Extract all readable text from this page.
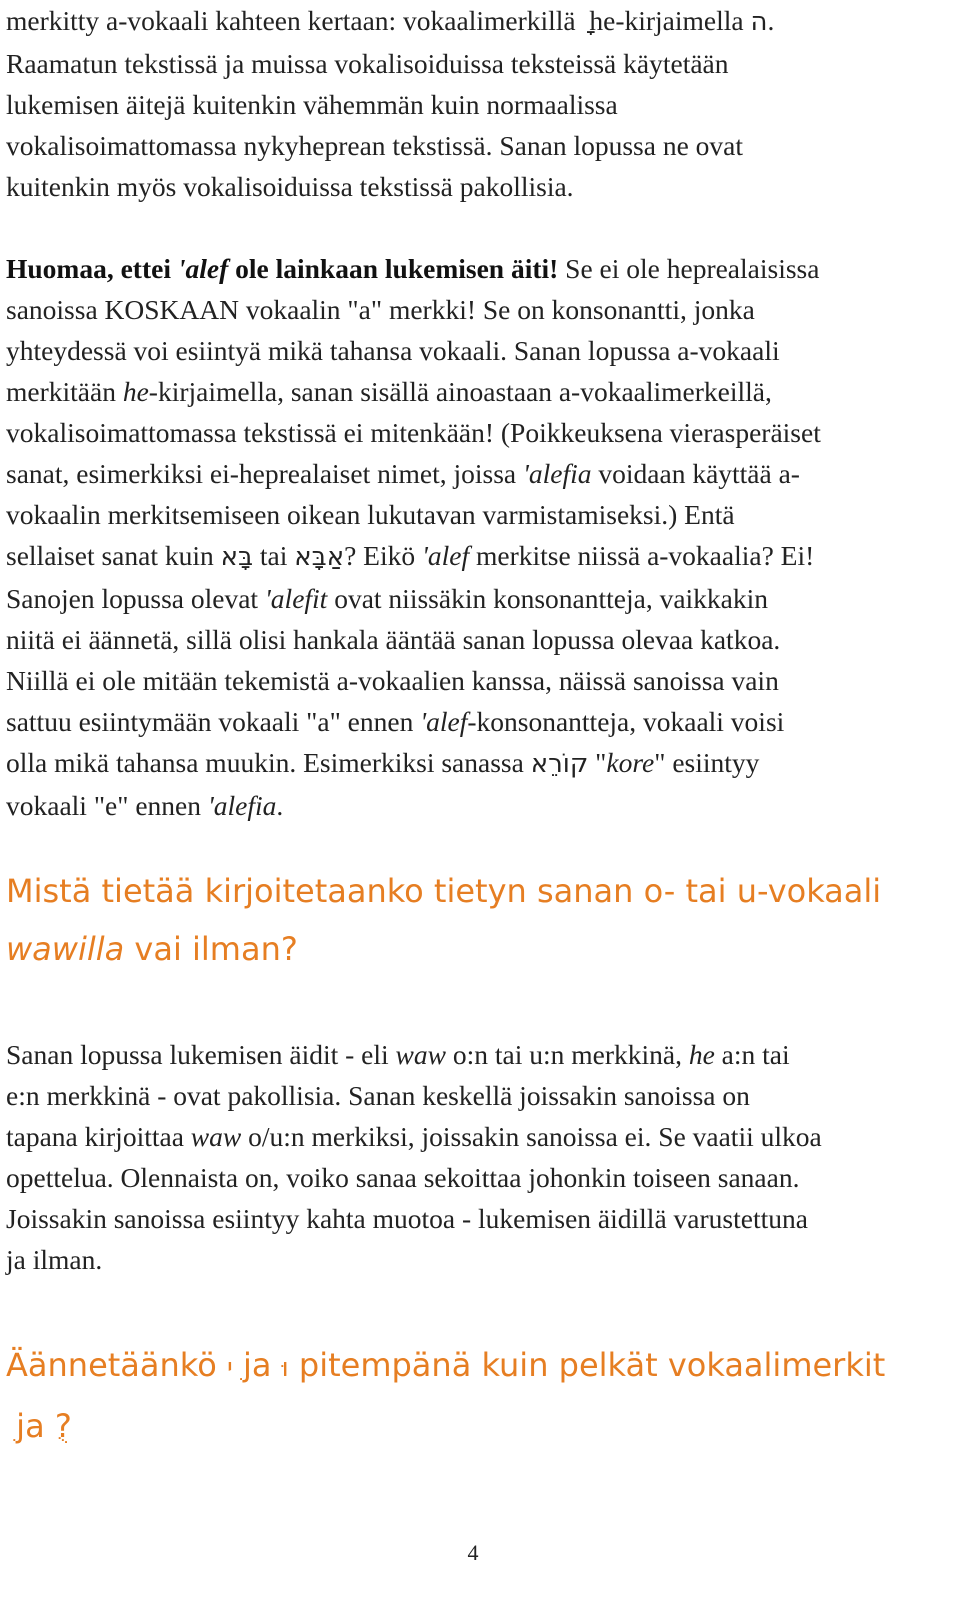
merkitty a-vokaali kahteen kertaan: vokaalimerkillä he-kirjaimella ה.
Raamatun tekstissä ja muissa vokalisoiduissa teksteissä käytetään
lukemisen äitejä kuitenkin vähemmän kuin normaalissa
vokalisoimattomassa nykyheprean tekstissä. Sanan lopussa ne ovat
kuitenkin myös vokalisoiduissa tekstissä pakollisia.
Huomaa, ettei 'alef ole lainkaan lukemisen äiti! Se ei ole heprealaisissa
sanoissa KOSKAAN vokaalin "a" merkki! Se on konsonantti, jonka
yhteydessä voi esiintyä mikä tahansa vokaali. Sanan lopussa a-vokaali
merkitään he-kirjaimella, sanan sisällä ainoastaan a-vokaalimerkeillä,
vokalisoimattomassa tekstissä ei mitenkään! (Poikkeuksena vierasperäiset
sanat, esimerkiksi ei-heprealaiset nimet, joissa 'alefia voidaan käyttää a-
vokaalin merkitsemiseen oikean lukutavan varmistamiseksi.) Entä
sellaiset sanat kuin בָּא tai אַבָּא? Eikö 'alef merkitse niissä a-vokaalia? Ei!
Sanojen lopussa olevat 'alefit ovat niissäkin konsonantteja, vaikkakin
niitä ei äännetä, sillä olisi hankala ääntää sanan lopussa olevaa katkoa.
Niillä ei ole mitään tekemistä a-vokaalien kanssa, näissä sanoissa vain
sattuu esiintymään vokaali "a" ennen 'alef-konsonantteja, vokaali voisi
olla mikä tahansa muukin. Esimerkiksi sanassa קוֹרֵא "kore" esiintyy
vokaali "e" ennen 'alefia.
Mistä tietää kirjoitetaanko tietyn sanan o- tai u-vokaali
wawilla vai ilman?
Sanan lopussa lukemisen äidit - eli waw o:n tai u:n merkkinä, he a:n tai
e:n merkkinä - ovat pakollisia. Sanan keskellä joissakin sanoissa on
tapana kirjoittaa waw o/u:n merkiksi, joissakin sanoissa ei. Se vaatii ulkoa
opettelua. Olennaista on, voiko sanaa sekoittaa johonkin toiseen sanaan.
Joissakin sanoissa esiintyy kahta muotoa - lukemisen äidillä varustettuna
ja ilman.
Äännetäänkö ִי ja וּ pitempänä kuin pelkät vokaalimerkit
ja ?
4
